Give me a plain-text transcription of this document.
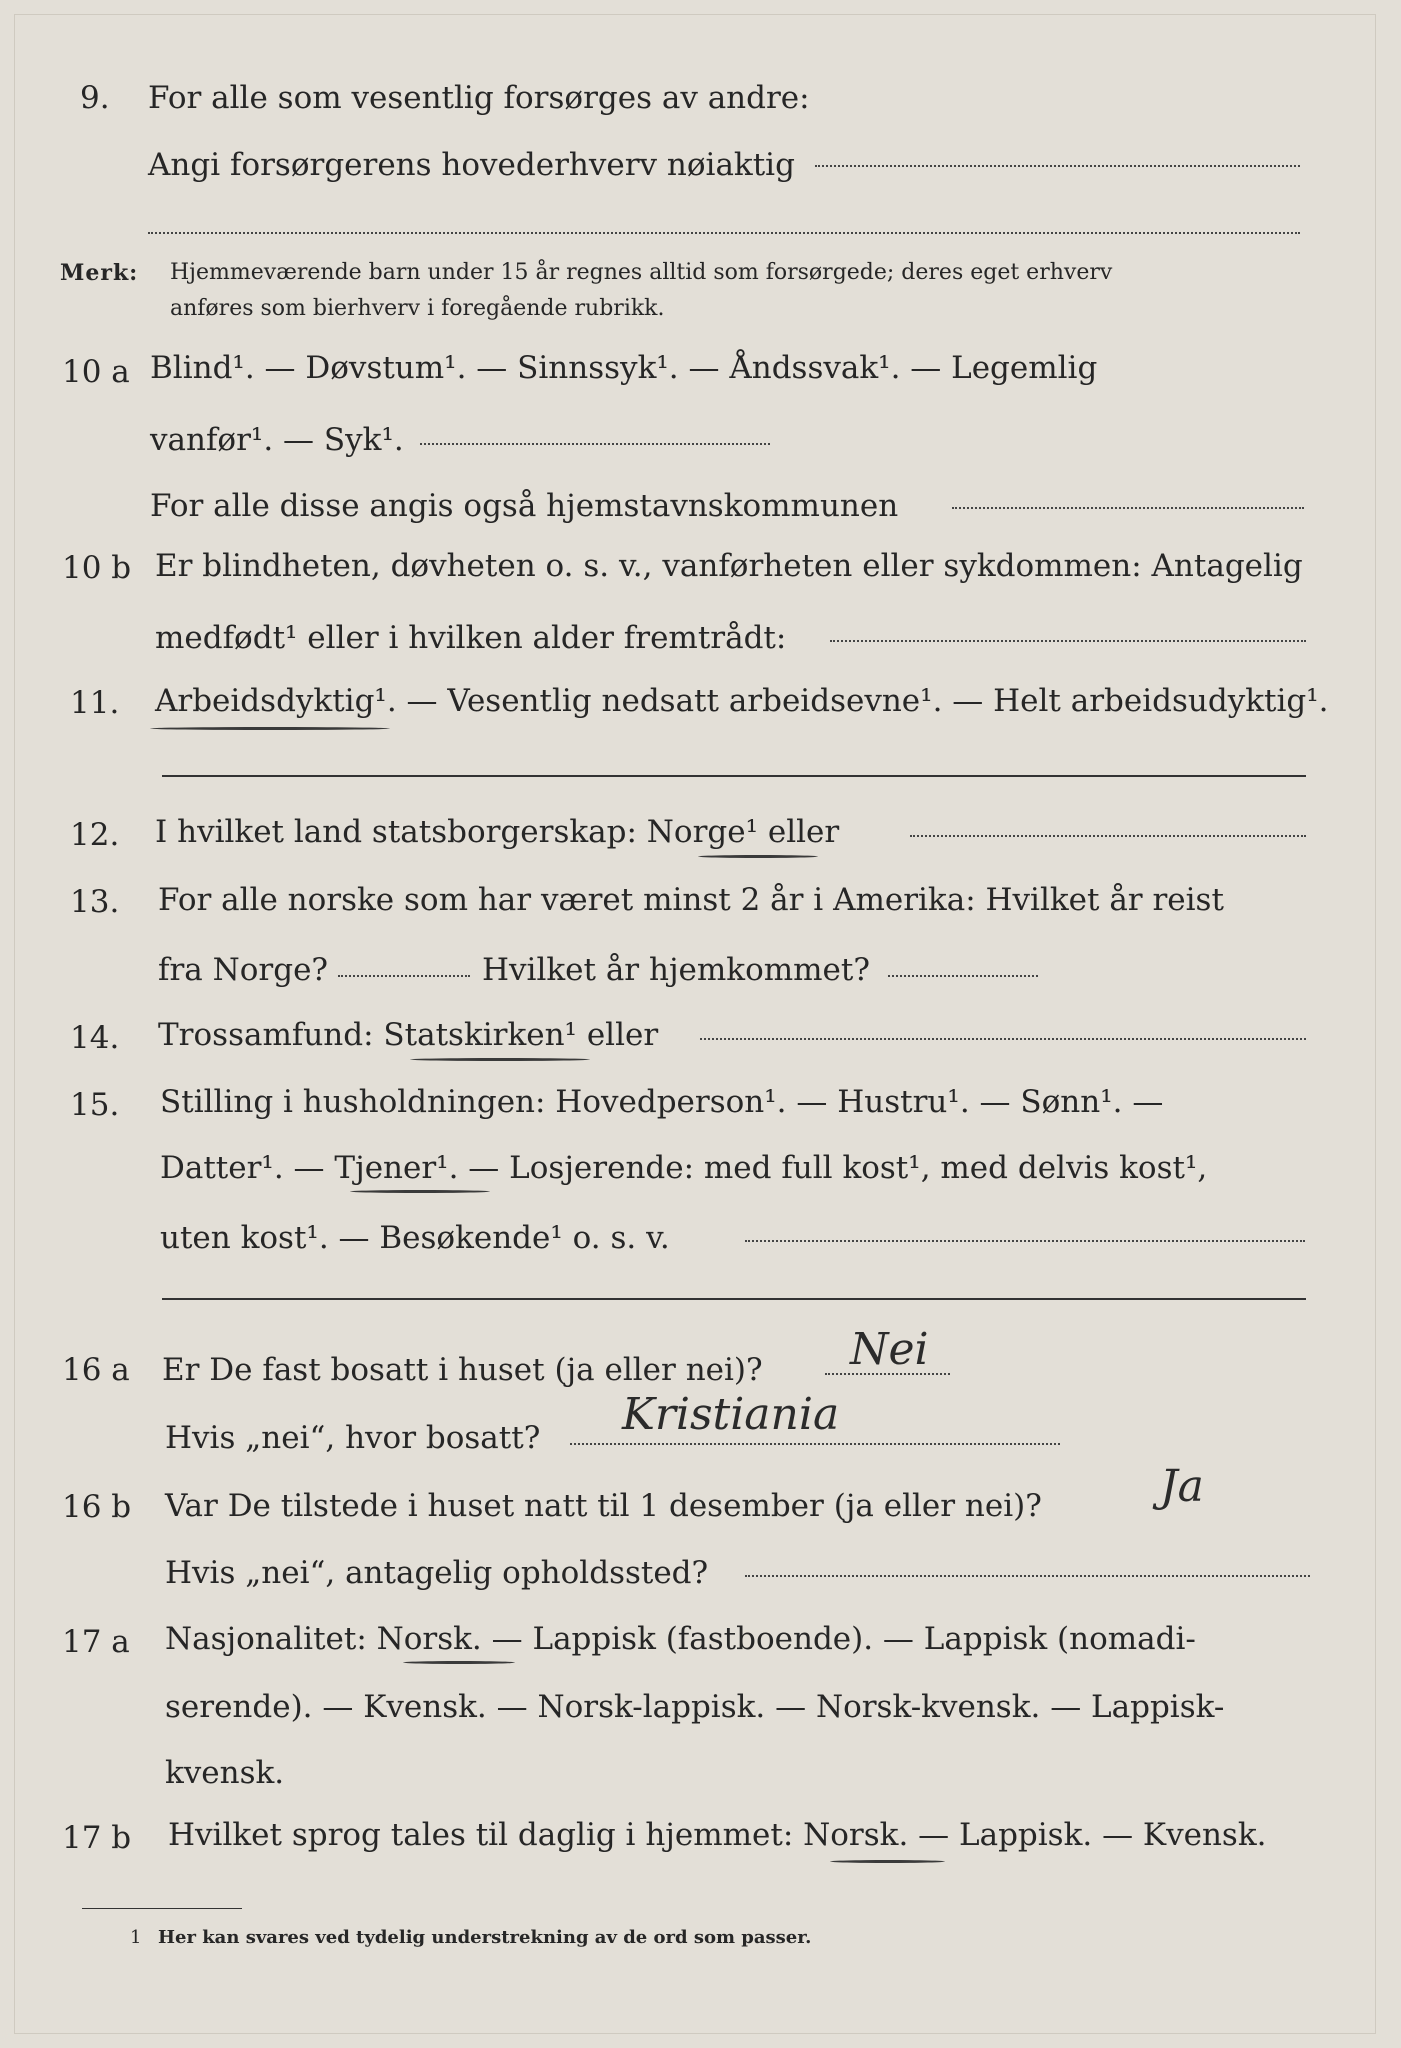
9. For alle som vesentlig forsørges av andre:
Angi forsørgerens hovederhverv nøiaktig
Merk: Hjemmeværende barn under 15 år regnes alltid som forsørgede; deres eget erhverv
anføres som bierhverv i foregående rubrikk.
10 a Blind¹. — Døvstum¹. — Sinnssyk¹. — Åndssvak¹. — Legemlig
vanfør¹. — Syk¹.
For alle disse angis også hjemstavnskommunen
10 b Er blindheten, døvheten o. s. v., vanførheten eller sykdommen: Antagelig
medfødt¹ eller i hvilken alder fremtrådt:
11. Arbeidsdyktig¹. — Vesentlig nedsatt arbeidsevne¹. — Helt arbeidsudyktig¹.
12. I hvilket land statsborgerskap: Norge¹ eller
13. For alle norske som har været minst 2 år i Amerika: Hvilket år reist
fra Norge?	Hvilket år hjemkommet?
14. Trossamfund: Statskirken¹ eller
15. Stilling i husholdningen: Hovedperson¹. — Hustru¹. — Sønn¹. —
Datter¹. — Tjener¹. — Losjerende: med full kost¹, med delvis kost¹,
uten kost¹. — Besøkende¹ o. s. v.
16 a Er De fast bosatt i huset (ja eller nei)? Nei
Hvis „nei“, hvor bosatt? Kristiania
16 b Var De tilstede i huset natt til 1 desember (ja eller nei)?	Ja
Hvis „nei“, antagelig opholdssted?
17 a Nasjonalitet: Norsk. — Lappisk (fastboende). — Lappisk (nomadi-
serende). — Kvensk. — Norsk-lappisk. — Norsk-kvensk. — Lappisk-
kvensk.
17 b Hvilket sprog tales til daglig i hjemmet: Norsk. — Lappisk. — Kvensk.
1 Her kan svares ved tydelig understrekning av de ord som passer.
